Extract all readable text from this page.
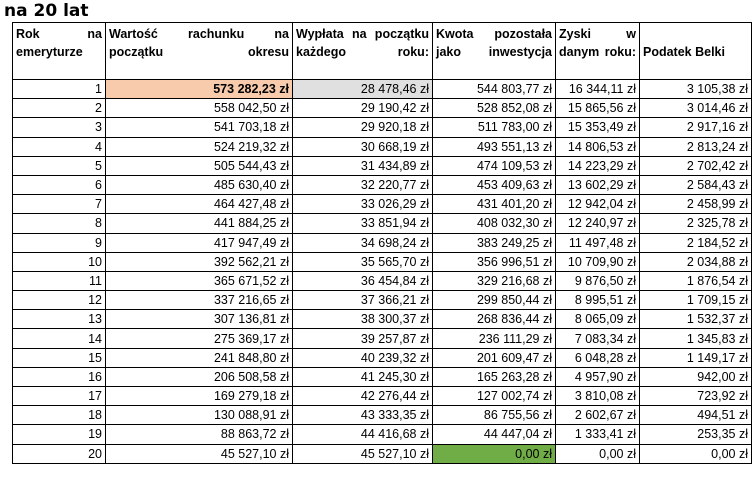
na 20 lat
Rok na emeryturze	Wartość rachunku na początku okresu	Wypłata na początku każdego roku:	Kwota pozostała jako inwestycja	Zyski w danym roku:	Podatek Belki
1	573 282,23 zł	28 478,46 zł	544 803,77 zł	16 344,11 zł	3 105,38 zł
2	558 042,50 zł	29 190,42 zł	528 852,08 zł	15 865,56 zł	3 014,46 zł
3	541 703,18 zł	29 920,18 zł	511 783,00 zł	15 353,49 zł	2 917,16 zł
4	524 219,32 zł	30 668,19 zł	493 551,13 zł	14 806,53 zł	2 813,24 zł
5	505 544,43 zł	31 434,89 zł	474 109,53 zł	14 223,29 zł	2 702,42 zł
6	485 630,40 zł	32 220,77 zł	453 409,63 zł	13 602,29 zł	2 584,43 zł
7	464 427,48 zł	33 026,29 zł	431 401,20 zł	12 942,04 zł	2 458,99 zł
8	441 884,25 zł	33 851,94 zł	408 032,30 zł	12 240,97 zł	2 325,78 zł
9	417 947,49 zł	34 698,24 zł	383 249,25 zł	11 497,48 zł	2 184,52 zł
10	392 562,21 zł	35 565,70 zł	356 996,51 zł	10 709,90 zł	2 034,88 zł
11	365 671,52 zł	36 454,84 zł	329 216,68 zł	9 876,50 zł	1 876,54 zł
12	337 216,65 zł	37 366,21 zł	299 850,44 zł	8 995,51 zł	1 709,15 zł
13	307 136,81 zł	38 300,37 zł	268 836,44 zł	8 065,09 zł	1 532,37 zł
14	275 369,17 zł	39 257,87 zł	236 111,29 zł	7 083,34 zł	1 345,83 zł
15	241 848,80 zł	40 239,32 zł	201 609,47 zł	6 048,28 zł	1 149,17 zł
16	206 508,58 zł	41 245,30 zł	165 263,28 zł	4 957,90 zł	942,00 zł
17	169 279,18 zł	42 276,44 zł	127 002,74 zł	3 810,08 zł	723,92 zł
18	130 088,91 zł	43 333,35 zł	86 755,56 zł	2 602,67 zł	494,51 zł
19	88 863,72 zł	44 416,68 zł	44 447,04 zł	1 333,41 zł	253,35 zł
20	45 527,10 zł	45 527,10 zł	0,00 zł	0,00 zł	0,00 zł
